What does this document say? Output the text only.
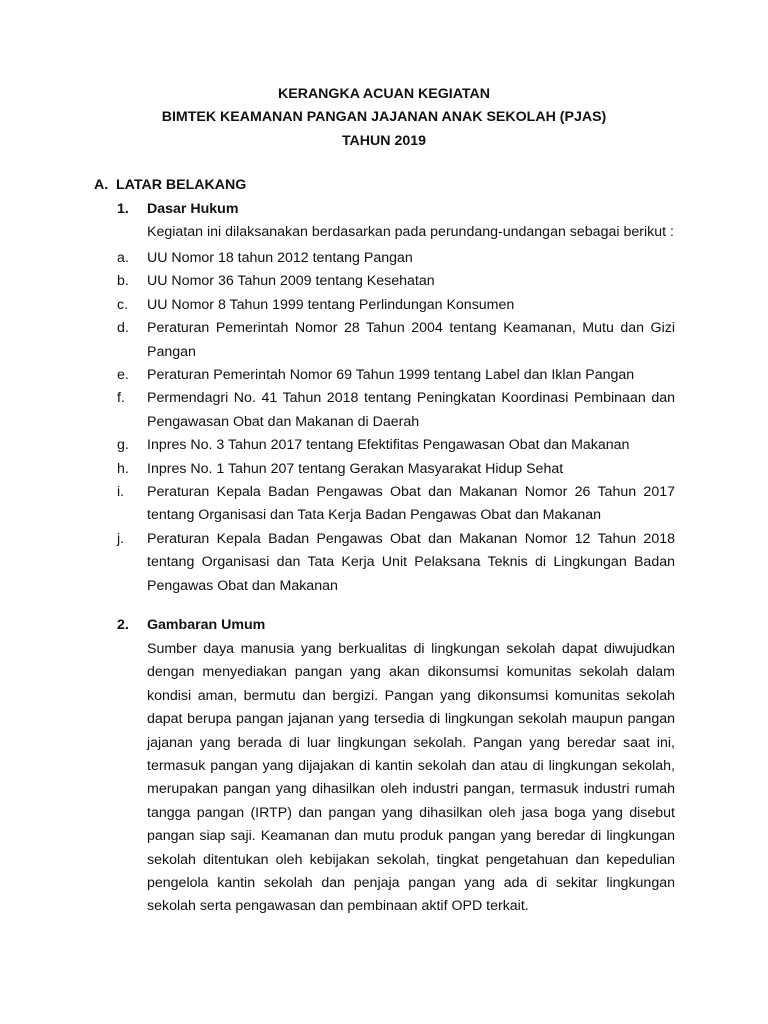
KERANGKA ACUAN KEGIATAN
BIMTEK KEAMANAN PANGAN JAJANAN ANAK SEKOLAH (PJAS)
TAHUN 2019
A. LATAR BELAKANG
1. Dasar Hukum
Kegiatan ini dilaksanakan berdasarkan pada perundang-undangan sebagai berikut :
a.	UU Nomor 18 tahun 2012 tentang Pangan
b.	UU Nomor 36 Tahun 2009 tentang Kesehatan
c.	UU Nomor 8 Tahun 1999 tentang Perlindungan Konsumen
d.	Peraturan Pemerintah Nomor 28 Tahun 2004 tentang Keamanan, Mutu dan Gizi Pangan
e.	Peraturan Pemerintah Nomor 69 Tahun 1999 tentang Label dan Iklan Pangan
f.	Permendagri No. 41 Tahun 2018 tentang Peningkatan Koordinasi Pembinaan dan Pengawasan Obat dan Makanan di Daerah
g.	Inpres No. 3 Tahun 2017 tentang Efektifitas Pengawasan Obat dan Makanan
h.	Inpres No. 1 Tahun 207 tentang Gerakan Masyarakat Hidup Sehat
i.	Peraturan Kepala Badan Pengawas Obat dan Makanan Nomor 26 Tahun 2017 tentang Organisasi dan Tata Kerja Badan Pengawas Obat dan Makanan
j.	Peraturan Kepala Badan Pengawas Obat dan Makanan Nomor 12 Tahun 2018 tentang Organisasi dan Tata Kerja Unit Pelaksana Teknis di Lingkungan Badan Pengawas Obat dan Makanan
2. Gambaran Umum

Sumber daya manusia yang berkualitas di lingkungan sekolah dapat diwujudkan dengan menyediakan pangan yang akan dikonsumsi komunitas sekolah dalam kondisi aman, bermutu dan bergizi. Pangan yang dikonsumsi komunitas sekolah dapat berupa pangan jajanan yang tersedia di lingkungan sekolah maupun pangan jajanan yang berada di luar lingkungan sekolah. Pangan yang beredar saat ini, termasuk pangan yang dijajakan di kantin sekolah dan atau di lingkungan sekolah, merupakan pangan yang dihasilkan oleh industri pangan, termasuk industri rumah tangga pangan (IRTP) dan pangan yang dihasilkan oleh jasa boga yang disebut pangan siap saji. Keamanan dan mutu produk pangan yang beredar di lingkungan sekolah ditentukan oleh kebijakan sekolah, tingkat pengetahuan dan kepedulian pengelola kantin sekolah dan penjaja pangan yang ada di sekitar lingkungan sekolah serta pengawasan dan pembinaan aktif OPD terkait.
